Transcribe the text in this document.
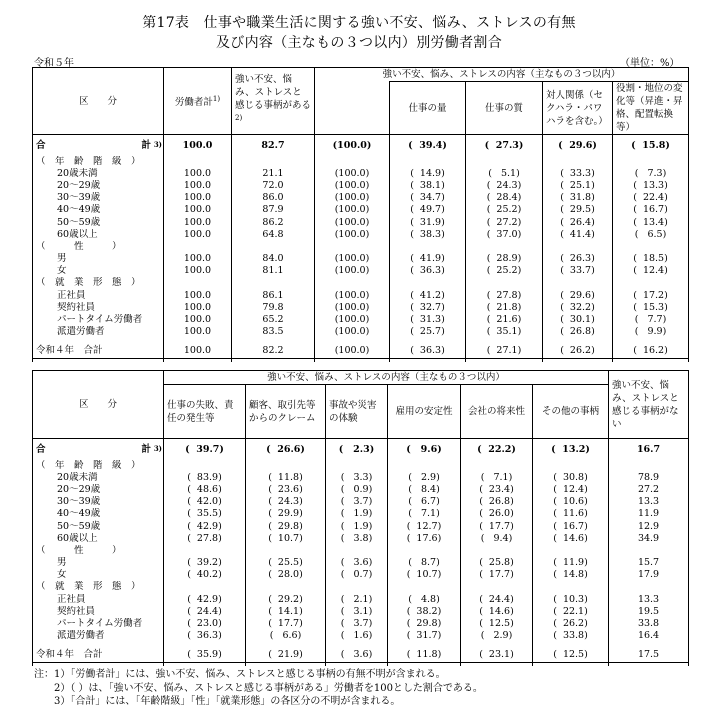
第17表　仕事や職業生活に関する強い不安、悩み、ストレスの有無
及び内容（主なもの３つ以内）別労働者割合
令和５年	（単位：%）
区　　分	労働者計$^{1)}$	強い不安、悩み、ストレスと感じる事柄がある$^{2)}$	強い不安、悩み、ストレスの内容（主なもの３つ以内）				
				仕事の量	仕事の質	対人関係（セクハラ・パワハラを含む。）	役割・地位の変化等（昇進・昇格、配置転換等）

合 計 3)	100.0	82.7	(100.0)	(  39.4)	(  27.3)	(  29.6)	(  15.8)

（　年　齢　階　級　）							
20歳未満	100.0	21.1	(100.0)	(  14.9)	(   5.1)	(  33.3)	(   7.3)
20～29歳	100.0	72.0	(100.0)	(  38.1)	(  24.3)	(  25.1)	(  13.3)
30～39歳	100.0	86.0	(100.0)	(  34.7)	(  28.4)	(  31.8)	(  22.4)
40～49歳	100.0	87.9	(100.0)	(  49.7)	(  25.2)	(  29.5)	(  16.7)
50～59歳	100.0	86.2	(100.0)	(  31.9)	(  27.2)	(  26.4)	(  13.4)
60歳以上	100.0	64.8	(100.0)	(  38.3)	(  37.0)	(  41.4)	(   6.5)
（　　　性　　　）							
男	100.0	84.0	(100.0)	(  41.9)	(  28.9)	(  26.3)	(  18.5)
女	100.0	81.1	(100.0)	(  36.3)	(  25.2)	(  33.7)	(  12.4)
（　就　業　形　態　）							
正社員	100.0	86.1	(100.0)	(  41.2)	(  27.8)	(  29.6)	(  17.2)
契約社員	100.0	79.8	(100.0)	(  32.7)	(  21.8)	(  32.2)	(  15.3)
パートタイム労働者	100.0	65.2	(100.0)	(  31.3)	(  21.6)	(  30.1)	(   7.7)
派遣労働者	100.0	83.5	(100.0)	(  25.7)	(  35.1)	(  26.8)	(   9.9)

令和４年　 合計	100.0	82.2	(100.0)	(  36.3)	(  27.1)	(  26.2)	(  16.2)

区　　分	強い不安、悩み、ストレスの内容（主なもの３つ以内）						強い不安、悩み、ストレスと感じる事柄がない
	仕事の失敗、責任の発生等	顧客、取引先等からのクレーム	事故や災害の体験	雇用の安定性	会社の将来性	その他の事柄	

合 計 3)	(  39.7)	(  26.6)	(   2.3)	(   9.6)	(  22.2)	(  13.2)	16.7

（　年　齢　階　級　）							
20歳未満	(  83.9)	(  11.8)	(   3.3)	(   2.9)	(   7.1)	(  30.8)	78.9
20～29歳	(  48.6)	(  23.6)	(   0.9)	(   8.4)	(  23.4)	(  12.4)	27.2
30～39歳	(  42.0)	(  24.3)	(   3.7)	(   6.7)	(  26.8)	(  10.6)	13.3
40～49歳	(  35.5)	(  29.9)	(   1.9)	(   7.1)	(  26.0)	(  11.6)	11.9
50～59歳	(  42.9)	(  29.8)	(   1.9)	(  12.7)	(  17.7)	(  16.7)	12.9
60歳以上	(  27.8)	(  10.7)	(   3.8)	(  17.6)	(   9.4)	(  14.6)	34.9
（　　　性　　　）							
男	(  39.2)	(  25.5)	(   3.6)	(   8.7)	(  25.8)	(  11.9)	15.7
女	(  40.2)	(  28.0)	(   0.7)	(  10.7)	(  17.7)	(  14.8)	17.9
（　就　業　形　態　）							
正社員	(  42.9)	(  29.2)	(   2.1)	(   4.8)	(  24.4)	(  10.3)	13.3
契約社員	(  24.4)	(  14.1)	(   3.1)	(  38.2)	(  14.6)	(  22.1)	19.5
パートタイム労働者	(  23.0)	(  17.7)	(   3.7)	(  29.8)	(  12.5)	(  26.2)	33.8
派遣労働者	(  36.3)	(   6.6)	(   1.6)	(  31.7)	(   2.9)	(  33.8)	16.4

令和４年　 合計	(  35.9)	(  21.9)	(   3.6)	(  11.8)	(  23.1)	(  12.5)	17.5

注：1）「労働者計」には、強い不安、悩み、ストレスと感じる事柄の有無不明が含まれる。
　　2）（ ）は、「強い不安、悩み、ストレスと感じる事柄がある」労働者を100とした割合である。
　　3）「合計」には、「年齢階級」「性」「就業形態」の各区分の不明が含まれる。
